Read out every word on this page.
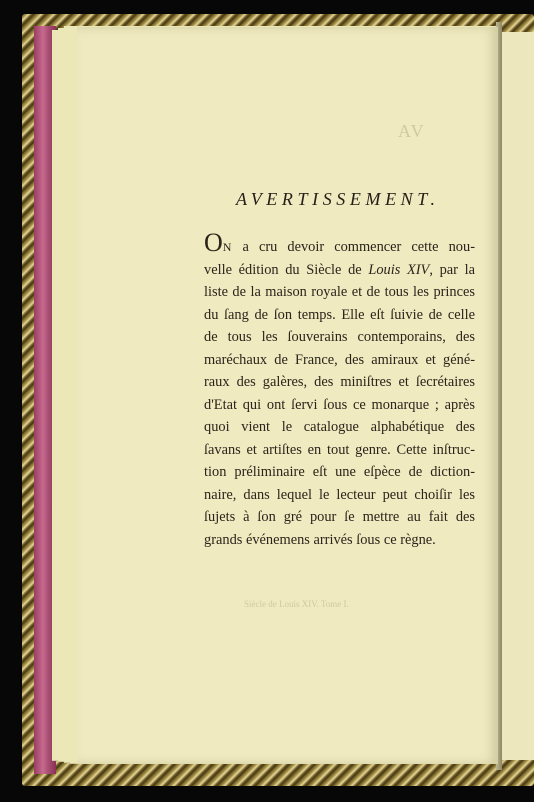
AV
Siècle de Louis XIV. Tome I.
AVERTISSEMENT.
ON a cru devoir commencer cette nou-
velle édition du Siècle de Louis XIV, par la
liste de la maison royale et de tous les princes
du ſang de ſon temps. Elle eſt ſuivie de celle
de tous les ſouverains contemporains, des
maréchaux de France, des amiraux et géné-
raux des galères, des miniſtres et ſecrétaires
d'Etat qui ont ſervi ſous ce monarque ; après
quoi vient le catalogue alphabétique des
ſavans et artiſtes en tout genre. Cette inſtruc-
tion préliminaire eſt une eſpèce de diction-
naire, dans lequel le lecteur peut choiſir les
ſujets à ſon gré pour ſe mettre au fait des
grands événemens arrivés ſous ce règne.
